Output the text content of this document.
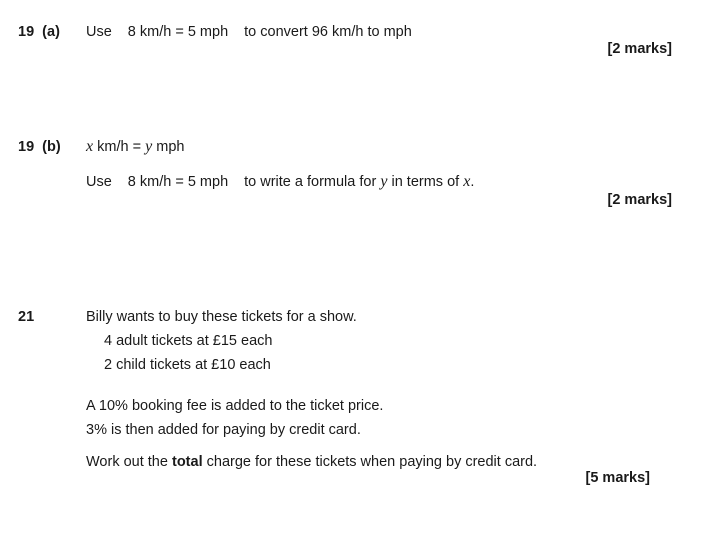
19  (a) Use 8 km/h = 5 mph to convert 96 km/h to mph
[2 marks]
19  (b) x km/h = y mph
Use 8 km/h = 5 mph to write a formula for y in terms of x.
[2 marks]
21	Billy wants to buy these tickets for a show.
4 adult tickets at £15 each
2 child tickets at £10 each
A 10% booking fee is added to the ticket price.
3% is then added for paying by credit card.
Work out the total charge for these tickets when paying by credit card.
[5 marks]
